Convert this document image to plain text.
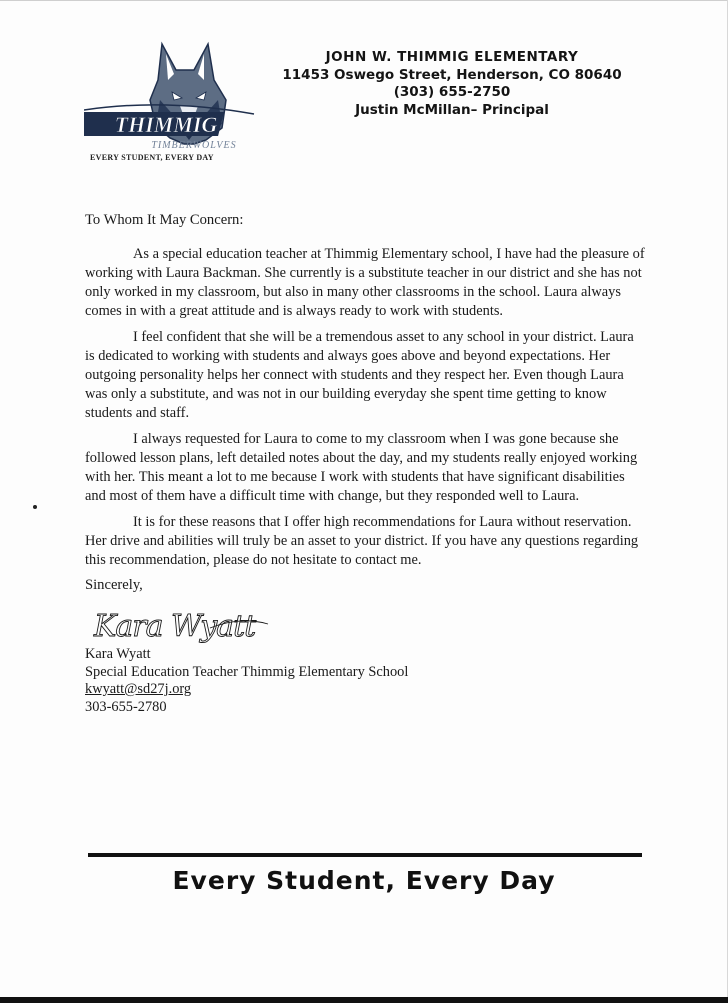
THIMMIG
TIMBERWOLVES
EVERY STUDENT, EVERY DAY
JOHN W. THIMMIG ELEMENTARY
11453 Oswego Street, Henderson, CO 80640
(303) 655-2750
Justin McMillan– Principal
To Whom It May Concern:
As a special education teacher at Thimmig Elementary school, I have had the pleasure of working with Laura Backman. She currently is a substitute teacher in our district and she has not only worked in my classroom, but also in many other classrooms in the school. Laura always comes in with a great attitude and is always ready to work with students.
I feel confident that she will be a tremendous asset to any school in your district. Laura is dedicated to working with students and always goes above and beyond expectations. Her outgoing personality helps her connect with students and they respect her. Even though Laura was only a substitute, and was not in our building everyday she spent time getting to know students and staff.
I always requested for Laura to come to my classroom when I was gone because she followed lesson plans, left detailed notes about the day, and my students really enjoyed working with her. This meant a lot to me because I work with students that have significant disabilities and most of them have a difficult time with change, but they responded well to Laura.
It is for these reasons that I offer high recommendations for Laura without reservation. Her drive and abilities will truly be an asset to your district. If you have any questions regarding this recommendation, please do not hesitate to contact me.
Sincerely,
Kara Wyatt
Kara Wyatt
Special Education Teacher Thimmig Elementary School
kwyatt@sd27j.org
303-655-2780
Every Student, Every Day
